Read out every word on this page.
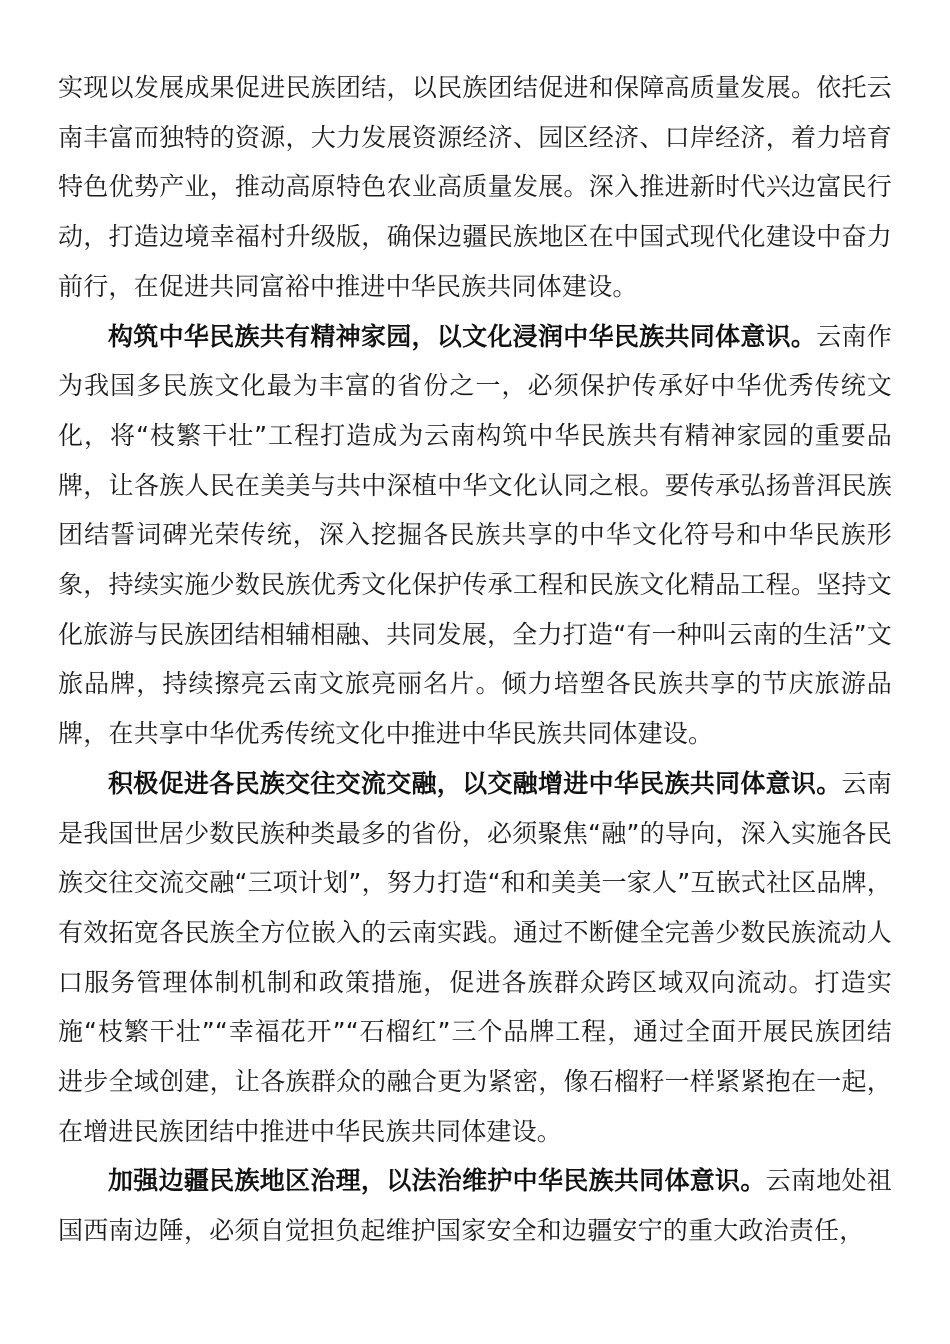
实现以发展成果促进民族团结，以民族团结促进和保障高质量发展。依托云南丰富而独特的资源，大力发展资源经济、园区经济、口岸经济，着力培育特色优势产业，推动高原特色农业高质量发展。深入推进新时代兴边富民行动，打造边境幸福村升级版，确保边疆民族地区在中国式现代化建设中奋力前行，在促进共同富裕中推进中华民族共同体建设。

构筑中华民族共有精神家园，以文化浸润中华民族共同体意识。云南作为我国多民族文化最为丰富的省份之一，必须保护传承好中华优秀传统文化，将“枝繁干壮”工程打造成为云南构筑中华民族共有精神家园的重要品牌，让各族人民在美美与共中深植中华文化认同之根。要传承弘扬普洱民族团结誓词碑光荣传统，深入挖掘各民族共享的中华文化符号和中华民族形象，持续实施少数民族优秀文化保护传承工程和民族文化精品工程。坚持文化旅游与民族团结相辅相融、共同发展，全力打造“有一种叫云南的生活”文旅品牌，持续擦亮云南文旅亮丽名片。倾力培塑各民族共享的节庆旅游品牌，在共享中华优秀传统文化中推进中华民族共同体建设。

积极促进各民族交往交流交融，以交融增进中华民族共同体意识。云南是我国世居少数民族种类最多的省份，必须聚焦“融”的导向，深入实施各民族交往交流交融“三项计划”，努力打造“和和美美一家人”互嵌式社区品牌，有效拓宽各民族全方位嵌入的云南实践。通过不断健全完善少数民族流动人口服务管理体制机制和政策措施，促进各族群众跨区域双向流动。打造实施“枝繁干壮”“幸福花开”“石榴红”三个品牌工程，通过全面开展民族团结进步全域创建，让各族群众的融合更为紧密，像石榴籽一样紧紧抱在一起，在增进民族团结中推进中华民族共同体建设。

加强边疆民族地区治理，以法治维护中华民族共同体意识。云南地处祖国西南边陲，必须自觉担负起维护国家安全和边疆安宁的重大政治责任，
